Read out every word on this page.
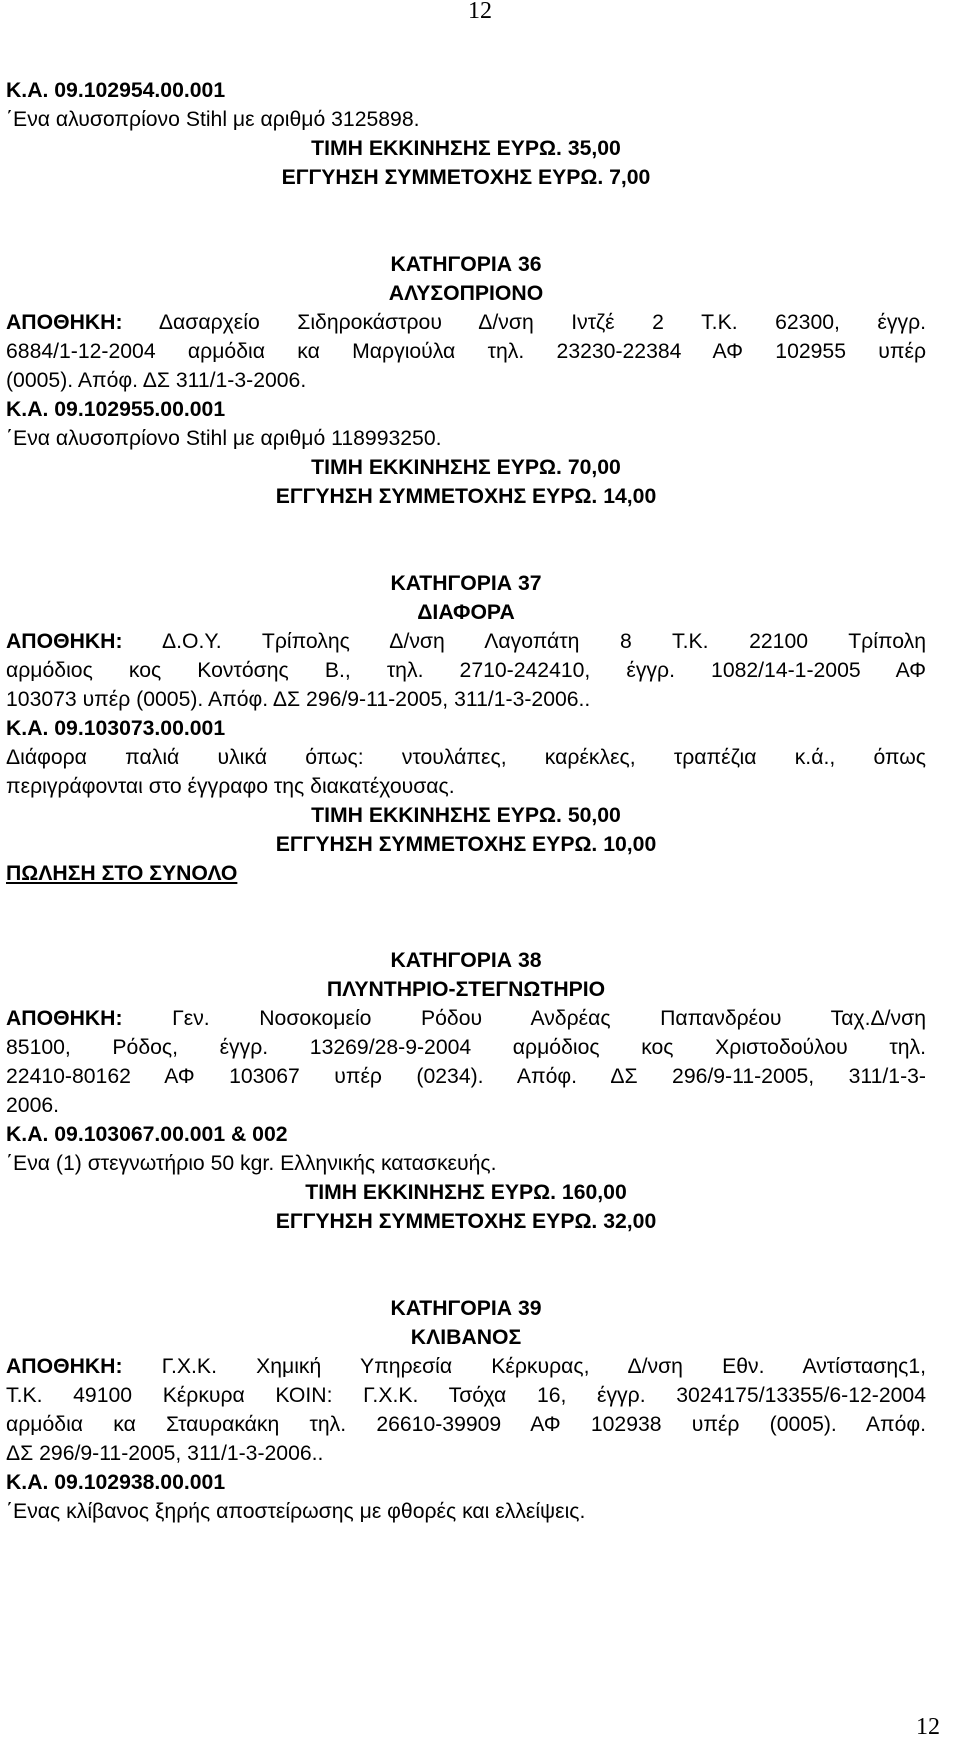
12
Κ.Α. 09.102954.00.001
΄Ενα αλυσοπρίονο Stihl με αριθμό 3125898.
ΤΙΜΗ ΕΚΚΙΝΗΣΗΣ ΕΥΡΩ. 35,00
ΕΓΓΥΗΣΗ ΣΥΜΜΕΤΟΧΗΣ ΕΥΡΩ. 7,00
ΚΑΤΗΓΟΡΙΑ 36
ΑΛΥΣΟΠΡΙΟΝΟ
ΑΠΟΘΗΚΗ: Δασαρχείο Σιδηροκάστρου Δ/νση Ιντζέ 2 Τ.Κ. 62300, έγγρ.
6884/1-12-2004 αρμόδια κα Μαργιούλα τηλ. 23230-22384 ΑΦ 102955 υπέρ
(0005). Απόφ. ΔΣ 311/1-3-2006.
Κ.Α. 09.102955.00.001
΄Ενα αλυσοπρίονο Stihl με αριθμό 118993250.
ΤΙΜΗ ΕΚΚΙΝΗΣΗΣ ΕΥΡΩ. 70,00
ΕΓΓΥΗΣΗ ΣΥΜΜΕΤΟΧΗΣ ΕΥΡΩ. 14,00
ΚΑΤΗΓΟΡΙΑ 37
ΔΙΑΦΟΡΑ
ΑΠΟΘΗΚΗ: Δ.Ο.Υ. Τρίπολης Δ/νση Λαγοπάτη 8 Τ.Κ. 22100 Τρίπολη
αρμόδιος κος Κοντόσης Β., τηλ. 2710-242410, έγγρ. 1082/14-1-2005 ΑΦ
103073 υπέρ (0005). Απόφ. ΔΣ 296/9-11-2005, 311/1-3-2006..
Κ.Α. 09.103073.00.001
Διάφορα παλιά υλικά όπως: ντουλάπες, καρέκλες, τραπέζια κ.ά., όπως
περιγράφονται στο έγγραφο της διακατέχουσας.
ΤΙΜΗ ΕΚΚΙΝΗΣΗΣ ΕΥΡΩ. 50,00
ΕΓΓΥΗΣΗ ΣΥΜΜΕΤΟΧΗΣ ΕΥΡΩ. 10,00
ΠΩΛΗΣΗ ΣΤΟ ΣΥΝΟΛΟ
ΚΑΤΗΓΟΡΙΑ 38
ΠΛΥΝΤΗΡΙΟ-ΣΤΕΓΝΩΤΗΡΙΟ
ΑΠΟΘΗΚΗ: Γεν. Νοσοκομείο Ρόδου Ανδρέας Παπανδρέου Ταχ.Δ/νση
85100, Ρόδος, έγγρ. 13269/28-9-2004 αρμόδιος κος Χριστοδούλου τηλ.
22410-80162 ΑΦ 103067 υπέρ (0234). Απόφ. ΔΣ 296/9-11-2005, 311/1-3-
2006.
Κ.Α. 09.103067.00.001 & 002
΄Ενα (1) στεγνωτήριο 50 kgr. Ελληνικής κατασκευής.
ΤΙΜΗ ΕΚΚΙΝΗΣΗΣ ΕΥΡΩ. 160,00
ΕΓΓΥΗΣΗ ΣΥΜΜΕΤΟΧΗΣ ΕΥΡΩ. 32,00
ΚΑΤΗΓΟΡΙΑ 39
ΚΛΙΒΑΝΟΣ
ΑΠΟΘΗΚΗ: Γ.Χ.Κ. Χημική Υπηρεσία Κέρκυρας, Δ/νση Εθν. Αντίστασης1,
Τ.Κ. 49100 Κέρκυρα ΚΟΙΝ: Γ.Χ.Κ. Τσόχα 16, έγγρ. 3024175/13355/6-12-2004
αρμόδια κα Σταυρακάκη τηλ. 26610-39909 ΑΦ 102938 υπέρ (0005). Απόφ.
ΔΣ 296/9-11-2005, 311/1-3-2006..
Κ.Α. 09.102938.00.001
΄Ενας κλίβανος ξηρής αποστείρωσης με φθορές και ελλείψεις.
12
